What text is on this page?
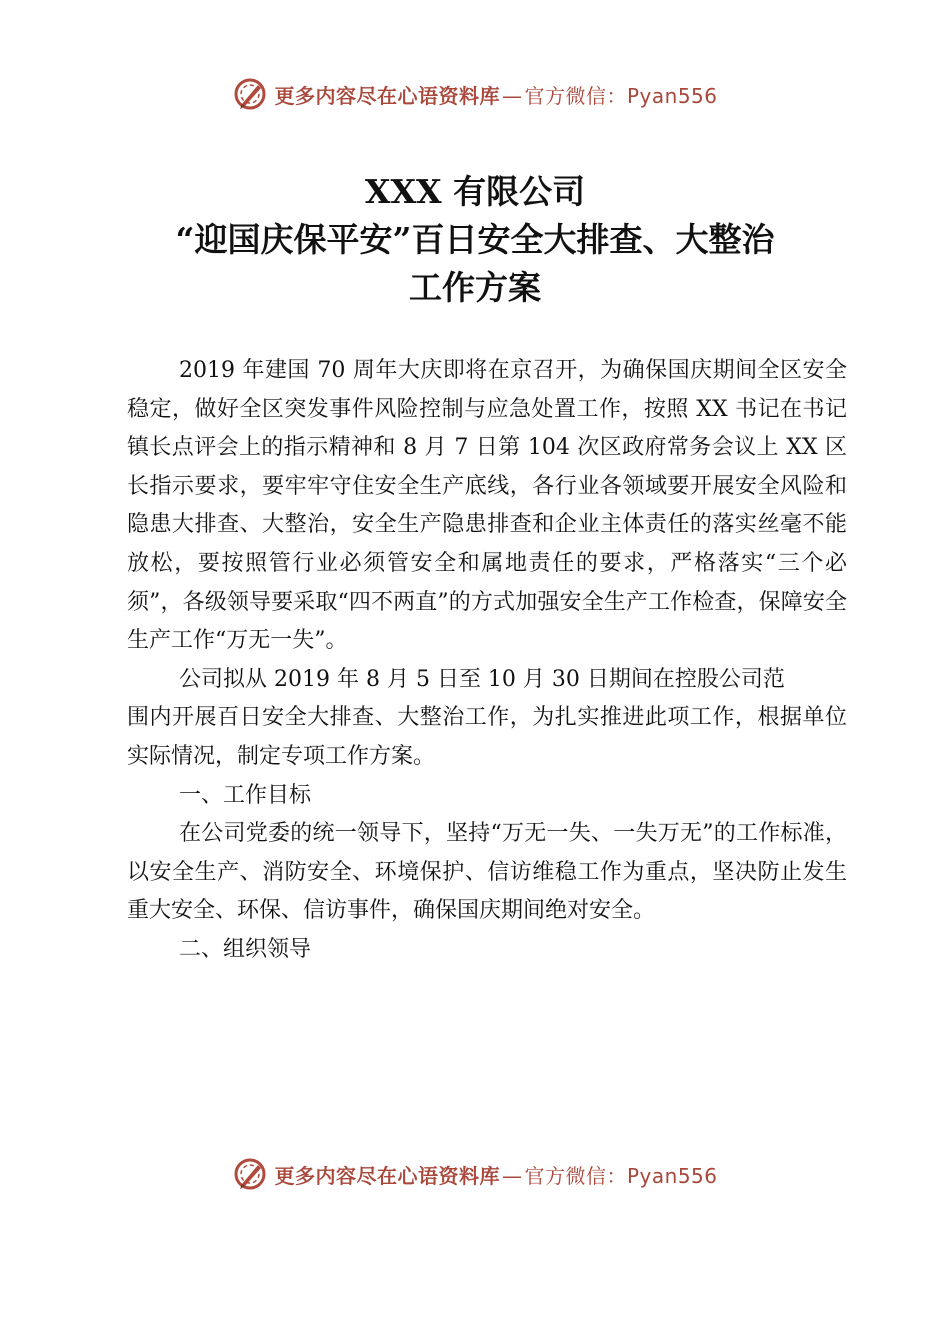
更多内容尽在心语资料库 — 官方微信：Pyan556
XXX 有限公司
“迎国庆保平安”百日安全大排查、大整治
工作方案

2019 年建国 70 周年大庆即将在京召开，为确保国庆期间全区安全稳定，做好全区突发事件风险控制与应急处置工作，按照 XX 书记在书记镇长点评会上的指示精神和 8 月 7 日第 104 次区政府常务会议上 XX 区长指示要求，要牢牢守住安全生产底线，各行业各领域要开展安全风险和隐患大排查、大整治，安全生产隐患排查和企业主体责任的落实丝毫不能放松，要按照管行业必须管安全和属地责任的要求，严格落实“三个必须”，各级领导要采取“四不两直”的方式加强安全生产工作检查，保障安全生产工作“万无一失”。

公司拟从 2019 年 8 月 5 日至 10 月 30 日期间在控股公司范

围内开展百日安全大排查、大整治工作，为扎实推进此项工作，根据单位实际情况，制定专项工作方案。

一、工作目标

在公司党委的统一领导下，坚持“万无一失、一失万无”的工作标准，以安全生产、消防安全、环境保护、信访维稳工作为重点，坚决防止发生重大安全、环保、信访事件，确保国庆期间绝对安全。

二、组织领导

更多内容尽在心语资料库 — 官方微信：Pyan556
